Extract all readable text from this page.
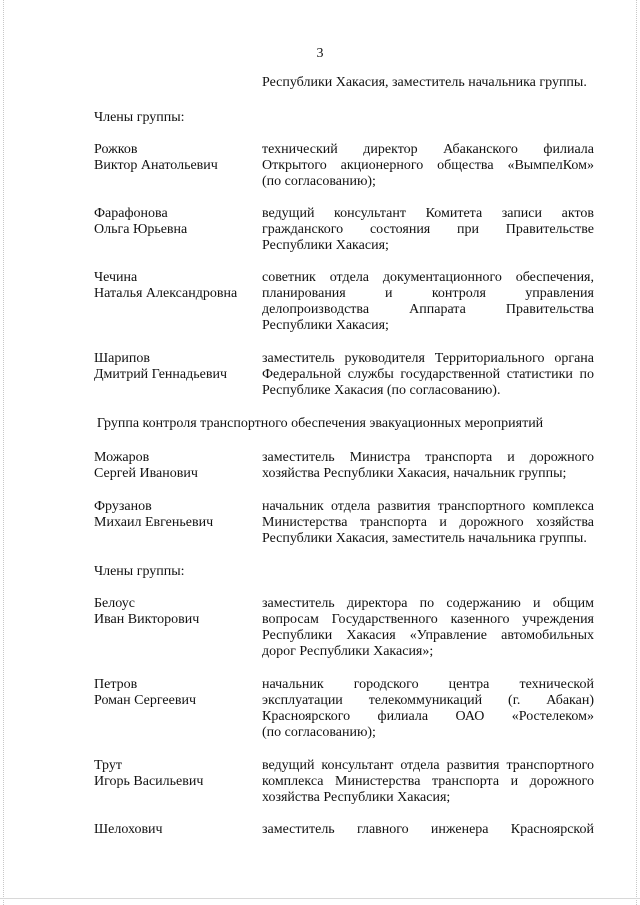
3
Республики Хакасия, заместитель начальника группы.
Члены группы:
Рожков
Виктор Анатольевич
технический директор Абаканского филиала
Открытого акционерного общества «ВымпелКом»
(по согласованию);
Фарафонова
Ольга Юрьевна
ведущий консультант Комитета записи актов
гражданского состояния при Правительстве
Республики Хакасия;
Чечина
Наталья Александровна
советник отдела документационного обеспечения,
планирования и контроля управления
делопроизводства Аппарата Правительства
Республики Хакасия;
Шарипов
Дмитрий Геннадьевич
заместитель руководителя Территориального органа
Федеральной службы государственной статистики по
Республике Хакасия (по согласованию).
Группа контроля транспортного обеспечения эвакуационных мероприятий
Можаров
Сергей Иванович
заместитель Министра транспорта и дорожного
хозяйства Республики Хакасия, начальник группы;
Фрузанов
Михаил Евгеньевич
начальник отдела развития транспортного комплекса
Министерства транспорта и дорожного хозяйства
Республики Хакасия, заместитель начальника группы.
Члены группы:
Белоус
Иван Викторович
заместитель директора по содержанию и общим
вопросам Государственного казенного учреждения
Республики Хакасия «Управление автомобильных
дорог Республики Хакасия»;
Петров
Роман Сергеевич
начальник городского центра технической
эксплуатации телекоммуникаций (г. Абакан)
Красноярского филиала ОАО «Ростелеком»
(по согласованию);
Трут
Игорь Васильевич
ведущий консультант отдела развития транспортного
комплекса Министерства транспорта и дорожного
хозяйства Республики Хакасия;
Шелохович	заместитель главного инженера Красноярской
